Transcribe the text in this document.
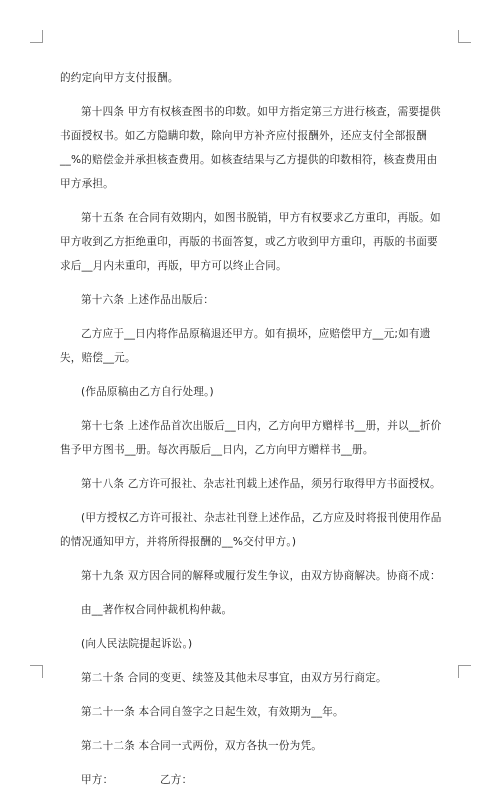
的约定向甲方支付报酬。

第十四条 甲方有权核查图书的印数。如甲方指定第三方进行核查，需要提供书面授权书。如乙方隐瞒印数，除向甲方补齐应付报酬外，还应支付全部报酬__%的赔偿金并承担核查费用。如核查结果与乙方提供的印数相符，核查费用由甲方承担。

第十五条 在合同有效期内，如图书脱销，甲方有权要求乙方重印，再版。如甲方收到乙方拒绝重印，再版的书面答复，或乙方收到甲方重印，再版的书面要求后__月内未重印，再版，甲方可以终止合同。

第十六条 上述作品出版后：

乙方应于__日内将作品原稿退还甲方。如有损坏，应赔偿甲方__元;如有遗失，赔偿__元。

(作品原稿由乙方自行处理。)

第十七条 上述作品首次出版后__日内，乙方向甲方赠样书__册，并以__折价售予甲方图书__册。每次再版后__日内，乙方向甲方赠样书__册。

第十八条 乙方许可报社、杂志社刊载上述作品，须另行取得甲方书面授权。

(甲方授权乙方许可报社、杂志社刊登上述作品，乙方应及时将报刊使用作品的情况通知甲方，并将所得报酬的__%交付甲方。)

第十九条 双方因合同的解释或履行发生争议，由双方协商解决。协商不成：

由__著作权合同仲裁机构仲裁。

(向人民法院提起诉讼。)

第二十条 合同的变更、续签及其他未尽事宜，由双方另行商定。

第二十一条 本合同自签字之日起生效，有效期为__年。

第二十二条 本合同一式两份，双方各执一份为凭。

甲方：	乙方：
